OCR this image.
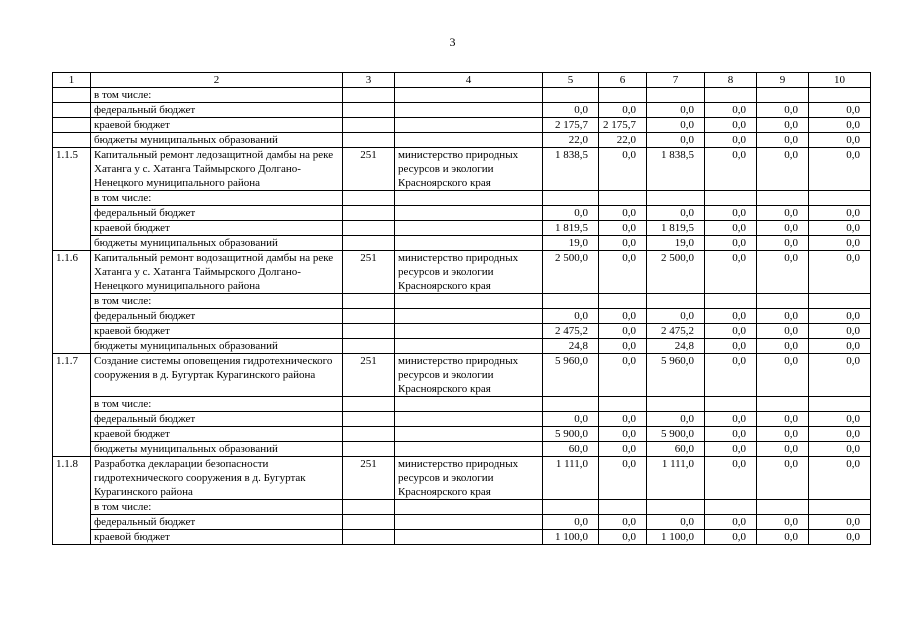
3
1	2	3	4	5	6	7	8	9	10
	в том числе:								
	федеральный бюджет			0,0	0,0	0,0	0,0	0,0	0,0
	краевой бюджет			2 175,7	2 175,7	0,0	0,0	0,0	0,0
	бюджеты муниципальных образований			22,0	22,0	0,0	0,0	0,0	0,0
1.1.5	Капитальный ремонт ледозащитной дамбы на реке Хатанга у с. Хатанга Таймырского Долгано-Ненецкого муниципального района	251	министерство природных ресурсов и экологии Красноярского края	1 838,5	0,0	1 838,5	0,0	0,0	0,0
	в том числе:								
	федеральный бюджет			0,0	0,0	0,0	0,0	0,0	0,0
	краевой бюджет			1 819,5	0,0	1 819,5	0,0	0,0	0,0
	бюджеты муниципальных образований			19,0	0,0	19,0	0,0	0,0	0,0
1.1.6	Капитальный ремонт водозащитной дамбы на реке Хатанга у с. Хатанга Таймырского Долгано-Ненецкого муниципального района	251	министерство природных ресурсов и экологии Красноярского края	2 500,0	0,0	2 500,0	0,0	0,0	0,0
	в том числе:								
	федеральный бюджет			0,0	0,0	0,0	0,0	0,0	0,0
	краевой бюджет			2 475,2	0,0	2 475,2	0,0	0,0	0,0
	бюджеты муниципальных образований			24,8	0,0	24,8	0,0	0,0	0,0
1.1.7	Создание системы оповещения гидротехнического сооружения в д. Бугуртак Курагинского района	251	министерство природных ресурсов и экологии Красноярского края	5 960,0	0,0	5 960,0	0,0	0,0	0,0
	в том числе:								
	федеральный бюджет			0,0	0,0	0,0	0,0	0,0	0,0
	краевой бюджет			5 900,0	0,0	5 900,0	0,0	0,0	0,0
	бюджеты муниципальных образований			60,0	0,0	60,0	0,0	0,0	0,0
1.1.8	Разработка декларации безопасности гидротехнического сооружения в д. Бугуртак Курагинского района	251	министерство природных ресурсов и экологии Красноярского края	1 111,0	0,0	1 111,0	0,0	0,0	0,0
	в том числе:								
	федеральный бюджет			0,0	0,0	0,0	0,0	0,0	0,0
	краевой бюджет			1 100,0	0,0	1 100,0	0,0	0,0	0,0
